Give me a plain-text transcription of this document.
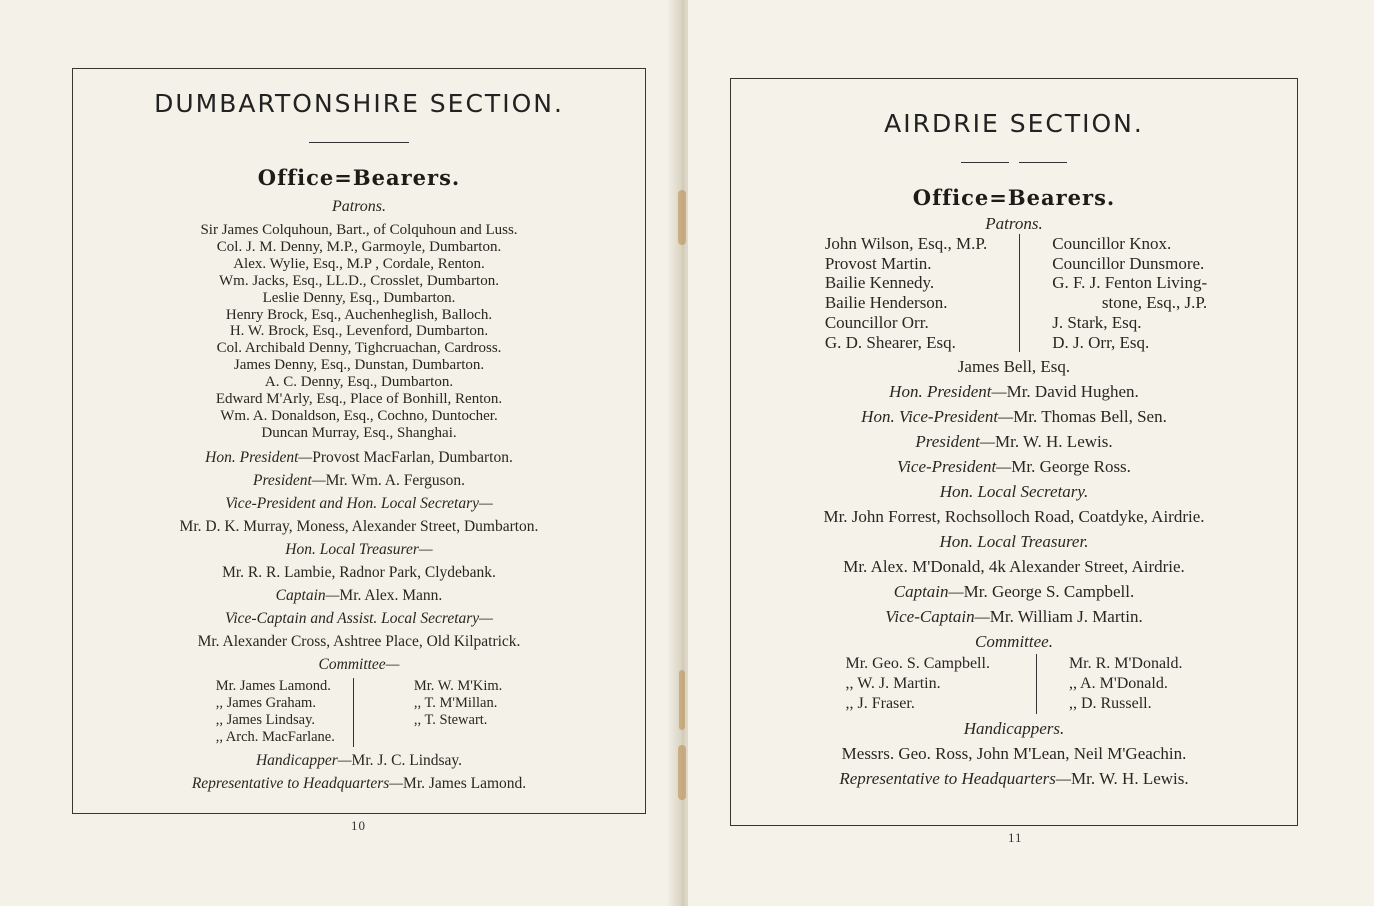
DUMBARTONSHIRE SECTION.
Office=Bearers.
Patrons.
Sir James Colquhoun, Bart., of Colquhoun and Luss.
Col. J. M. Denny, M.P., Garmoyle, Dumbarton.
Alex. Wylie, Esq., M.P , Cordale, Renton.
Wm. Jacks, Esq., LL.D., Crosslet, Dumbarton.
Leslie Denny, Esq., Dumbarton.
Henry Brock, Esq., Auchenheglish, Balloch.
H. W. Brock, Esq., Levenford, Dumbarton.
Col. Archibald Denny, Tighcruachan, Cardross.
James Denny, Esq., Dunstan, Dumbarton.
A. C. Denny, Esq., Dumbarton.
Edward M'Arly, Esq., Place of Bonhill, Renton.
Wm. A. Donaldson, Esq., Cochno, Duntocher.
Duncan Murray, Esq., Shanghai.
Hon. President—Provost MacFarlan, Dumbarton.
President—Mr. Wm. A. Ferguson.
Vice-President and Hon. Local Secretary—
Mr. D. K. Murray, Moness, Alexander Street, Dumbarton.
Hon. Local Treasurer—
Mr. R. R. Lambie, Radnor Park, Clydebank.
Captain—Mr. Alex. Mann.
Vice-Captain and Assist. Local Secretary—
Mr. Alexander Cross, Ashtree Place, Old Kilpatrick.
Committee—
Mr. James Lamond.
,, James Graham.
,, James Lindsay.
,, Arch. MacFarlane.
Mr. W. M'Kim.
,, T. M'Millan.
,, T. Stewart.
Handicapper—Mr. J. C. Lindsay.
Representative to Headquarters—Mr. James Lamond.
10
AIRDRIE SECTION.
Office=Bearers.
Patrons.
John Wilson, Esq., M.P.
Provost Martin.
Bailie Kennedy.
Bailie Henderson.
Councillor Orr.
G. D. Shearer, Esq.
Councillor Knox.
Councillor Dunsmore.
G. F. J. Fenton Living-
stone, Esq., J.P.
J. Stark, Esq.
D. J. Orr, Esq.
James Bell, Esq.
Hon. President—Mr. David Hughen.
Hon. Vice-President—Mr. Thomas Bell, Sen.
President—Mr. W. H. Lewis.
Vice-President—Mr. George Ross.
Hon. Local Secretary.
Mr. John Forrest, Rochsolloch Road, Coatdyke, Airdrie.
Hon. Local Treasurer.
Mr. Alex. M'Donald, 4k Alexander Street, Airdrie.
Captain—Mr. George S. Campbell.
Vice-Captain—Mr. William J. Martin.
Committee.
Mr. Geo. S. Campbell.
,, W. J. Martin.
,, J. Fraser.
Mr. R. M'Donald.
,, A. M'Donald.
,, D. Russell.
Handicappers.
Messrs. Geo. Ross, John M'Lean, Neil M'Geachin.
Representative to Headquarters—Mr. W. H. Lewis.
11
